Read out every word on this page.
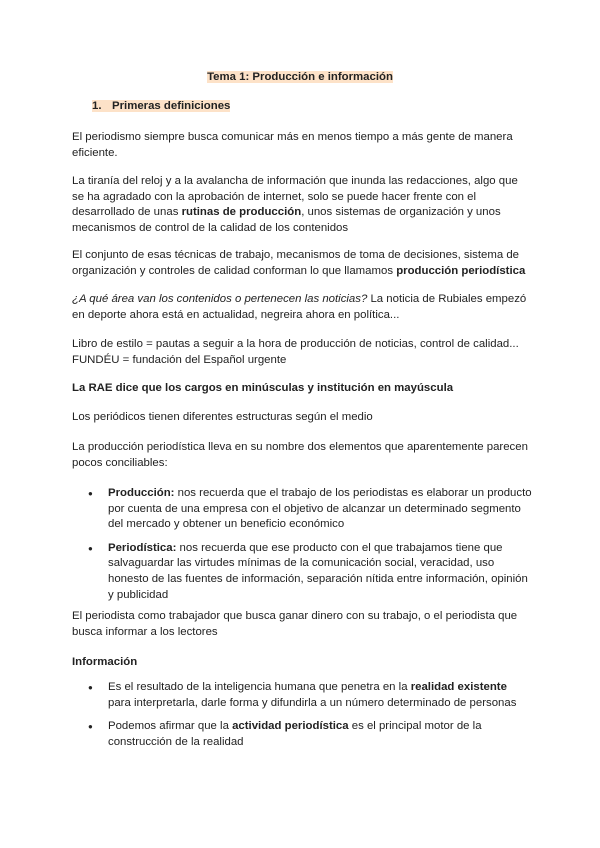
Tema 1: Producción e información

1. Primeras definiciones

El periodismo siempre busca comunicar más en menos tiempo a más gente de manera eficiente.

La tiranía del reloj y a la avalancha de información que inunda las redacciones, algo que se ha agradado con la aprobación de internet, solo se puede hacer frente con el desarrollado de unas rutinas de producción, unos sistemas de organización y unos mecanismos de control de la calidad de los contenidos

El conjunto de esas técnicas de trabajo, mecanismos de toma de decisiones, sistema de organización y controles de calidad conforman lo que llamamos producción periodística

¿A qué área van los contenidos o pertenecen las noticias? La noticia de Rubiales empezó en deporte ahora está en actualidad, negreira ahora en política...

Libro de estilo = pautas a seguir a la hora de producción de noticias, control de calidad...
FUNDÉU = fundación del Español urgente

La RAE dice que los cargos en minúsculas y institución en mayúscula

Los periódicos tienen diferentes estructuras según el medio

La producción periodística lleva en su nombre dos elementos que aparentemente parecen pocos conciliables:

● Producción: nos recuerda que el trabajo de los periodistas es elaborar un producto por cuenta de una empresa con el objetivo de alcanzar un determinado segmento del mercado y obtener un beneficio económico
● Periodística: nos recuerda que ese producto con el que trabajamos tiene que salvaguardar las virtudes mínimas de la comunicación social, veracidad, uso honesto de las fuentes de información, separación nítida entre información, opinión y publicidad

El periodista como trabajador que busca ganar dinero con su trabajo, o el periodista que busca informar a los lectores

Información

● Es el resultado de la inteligencia humana que penetra en la realidad existente para interpretarla, darle forma y difundirla a un número determinado de personas
● Podemos afirmar que la actividad periodística es el principal motor de la construcción de la realidad
